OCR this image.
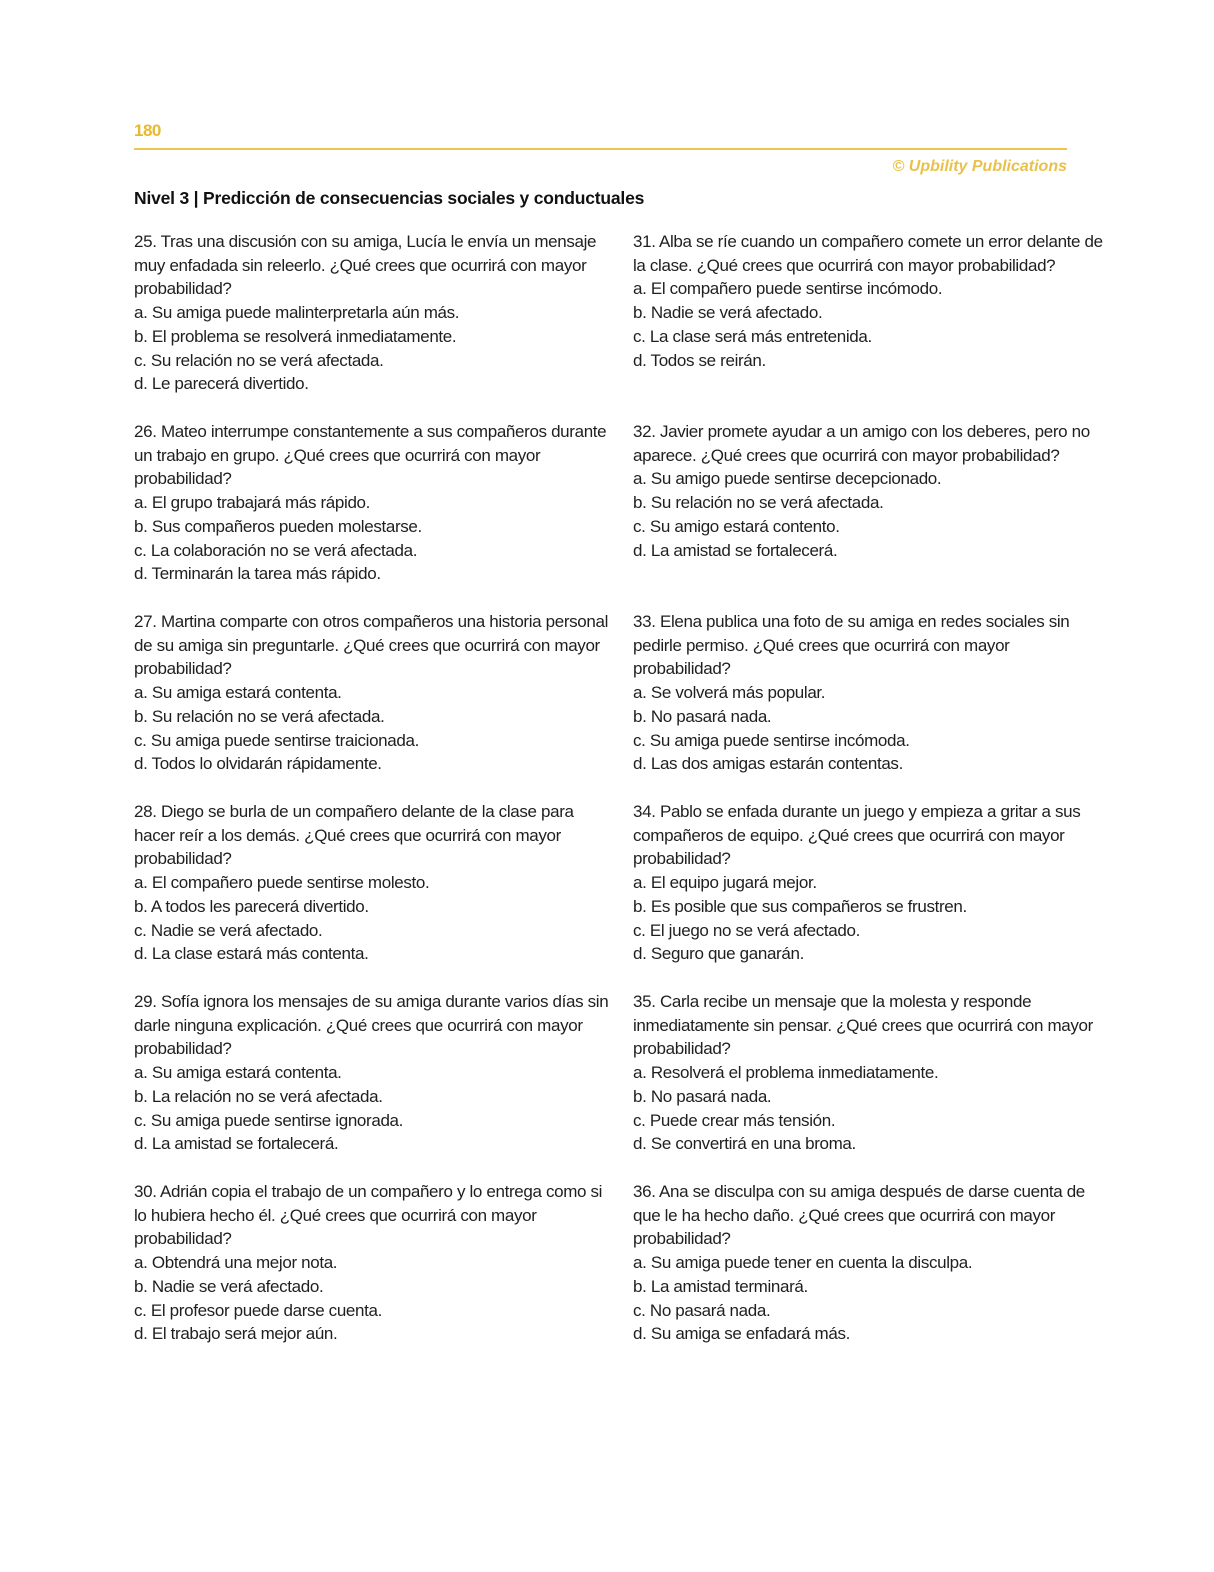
180
© Upbility Publications
Nivel 3 | Predicción de consecuencias sociales y conductuales

25. Tras una discusión con su amiga, Lucía le envía un mensaje muy enfadada sin releerlo. ¿Qué crees que ocurrirá con mayor probabilidad?

a. Su amiga puede malinterpretarla aún más.

b. El problema se resolverá inmediatamente.

c. Su relación no se verá afectada.

d. Le parecerá divertido.

26. Mateo interrumpe constantemente a sus compañeros durante un trabajo en grupo. ¿Qué crees que ocurrirá con mayor probabilidad?

a. El grupo trabajará más rápido.

b. Sus compañeros pueden molestarse.

c. La colaboración no se verá afectada.

d. Terminarán la tarea más rápido.

27. Martina comparte con otros compañeros una historia personal de su amiga sin preguntarle. ¿Qué crees que ocurrirá con mayor probabilidad?

a. Su amiga estará contenta.

b. Su relación no se verá afectada.

c. Su amiga puede sentirse traicionada.

d. Todos lo olvidarán rápidamente.

28. Diego se burla de un compañero delante de la clase para hacer reír a los demás. ¿Qué crees que ocurrirá con mayor probabilidad?

a. El compañero puede sentirse molesto.

b. A todos les parecerá divertido.

c. Nadie se verá afectado.

d. La clase estará más contenta.

29. Sofía ignora los mensajes de su amiga durante varios días sin darle ninguna explicación. ¿Qué crees que ocurrirá con mayor probabilidad?

a. Su amiga estará contenta.

b. La relación no se verá afectada.

c. Su amiga puede sentirse ignorada.

d. La amistad se fortalecerá.

30. Adrián copia el trabajo de un compañero y lo entrega como si lo hubiera hecho él. ¿Qué crees que ocurrirá con mayor probabilidad?

a. Obtendrá una mejor nota.

b. Nadie se verá afectado.

c. El profesor puede darse cuenta.

d. El trabajo será mejor aún.

31. Alba se ríe cuando un compañero comete un error delante de la clase. ¿Qué crees que ocurrirá con mayor probabilidad?

a. El compañero puede sentirse incómodo.

b. Nadie se verá afectado.

c. La clase será más entretenida.

d. Todos se reirán.

32. Javier promete ayudar a un amigo con los deberes, pero no aparece. ¿Qué crees que ocurrirá con mayor probabilidad?

a. Su amigo puede sentirse decepcionado.

b. Su relación no se verá afectada.

c. Su amigo estará contento.

d. La amistad se fortalecerá.

33. Elena publica una foto de su amiga en redes sociales sin pedirle permiso. ¿Qué crees que ocurrirá con mayor probabilidad?

a. Se volverá más popular.

b. No pasará nada.

c. Su amiga puede sentirse incómoda.

d. Las dos amigas estarán contentas.

34. Pablo se enfada durante un juego y empieza a gritar a sus compañeros de equipo. ¿Qué crees que ocurrirá con mayor probabilidad?

a. El equipo jugará mejor.

b. Es posible que sus compañeros se frustren.

c. El juego no se verá afectado.

d. Seguro que ganarán.

35. Carla recibe un mensaje que la molesta y responde inmediatamente sin pensar. ¿Qué crees que ocurrirá con mayor probabilidad?

a. Resolverá el problema inmediatamente.

b. No pasará nada.

c. Puede crear más tensión.

d. Se convertirá en una broma.

36. Ana se disculpa con su amiga después de darse cuenta de que le ha hecho daño. ¿Qué crees que ocurrirá con mayor probabilidad?

a. Su amiga puede tener en cuenta la disculpa.

b. La amistad terminará.

c. No pasará nada.

d. Su amiga se enfadará más.
